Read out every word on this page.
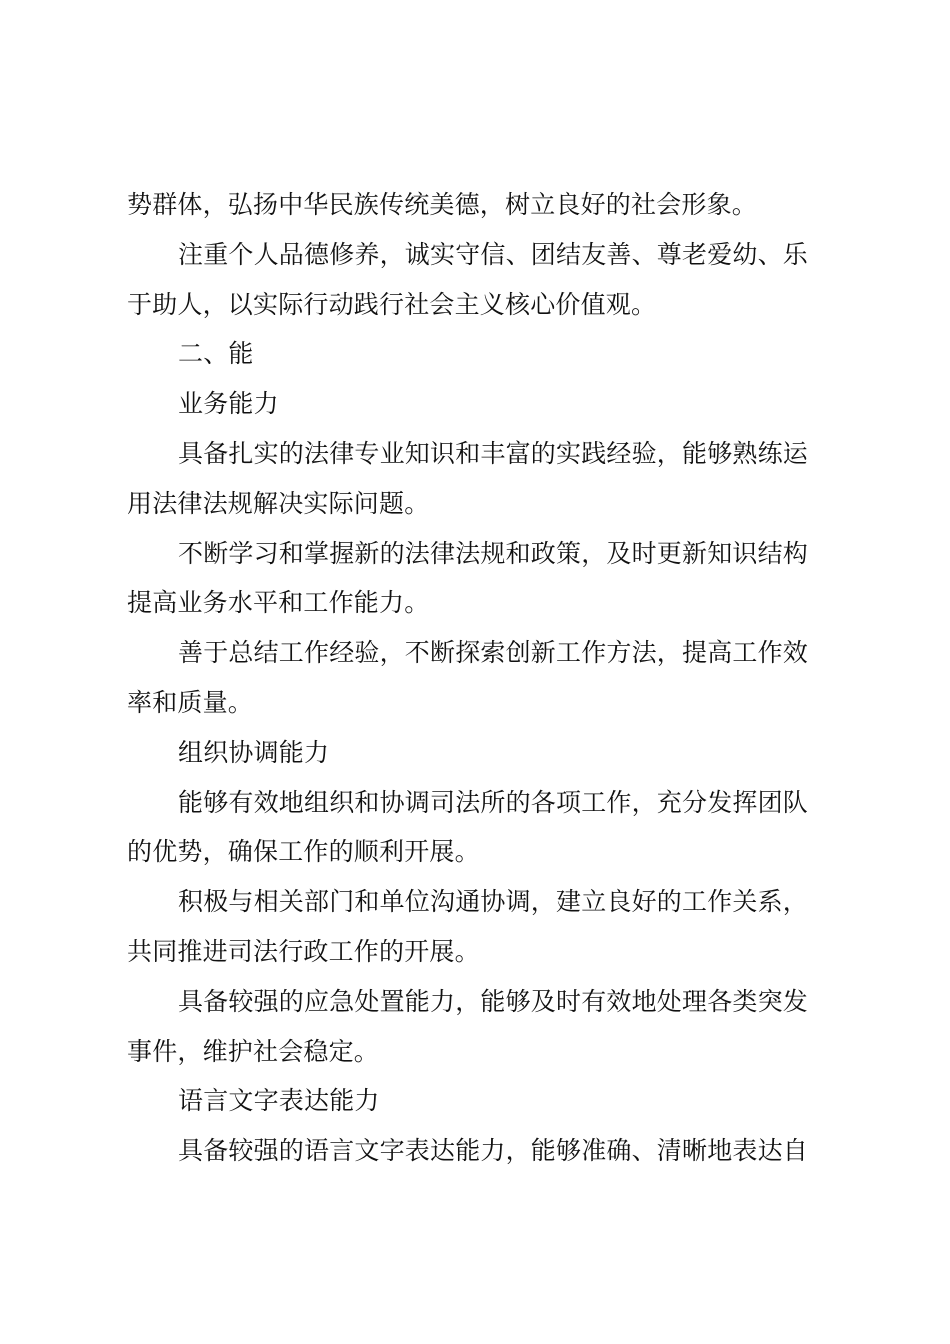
势群体，弘扬中华民族传统美德，树立良好的社会形象。
注重个人品德修养，诚实守信、团结友善、尊老爱幼、乐
于助人，以实际行动践行社会主义核心价值观。
二、能
业务能力
具备扎实的法律专业知识和丰富的实践经验，能够熟练运
用法律法规解决实际问题。
不断学习和掌握新的法律法规和政策，及时更新知识结构
提高业务水平和工作能力。
善于总结工作经验，不断探索创新工作方法，提高工作效
率和质量。
组织协调能力
能够有效地组织和协调司法所的各项工作，充分发挥团队
的优势，确保工作的顺利开展。
积极与相关部门和单位沟通协调，建立良好的工作关系，
共同推进司法行政工作的开展。
具备较强的应急处置能力，能够及时有效地处理各类突发
事件，维护社会稳定。
语言文字表达能力
具备较强的语言文字表达能力，能够准确、清晰地表达自
